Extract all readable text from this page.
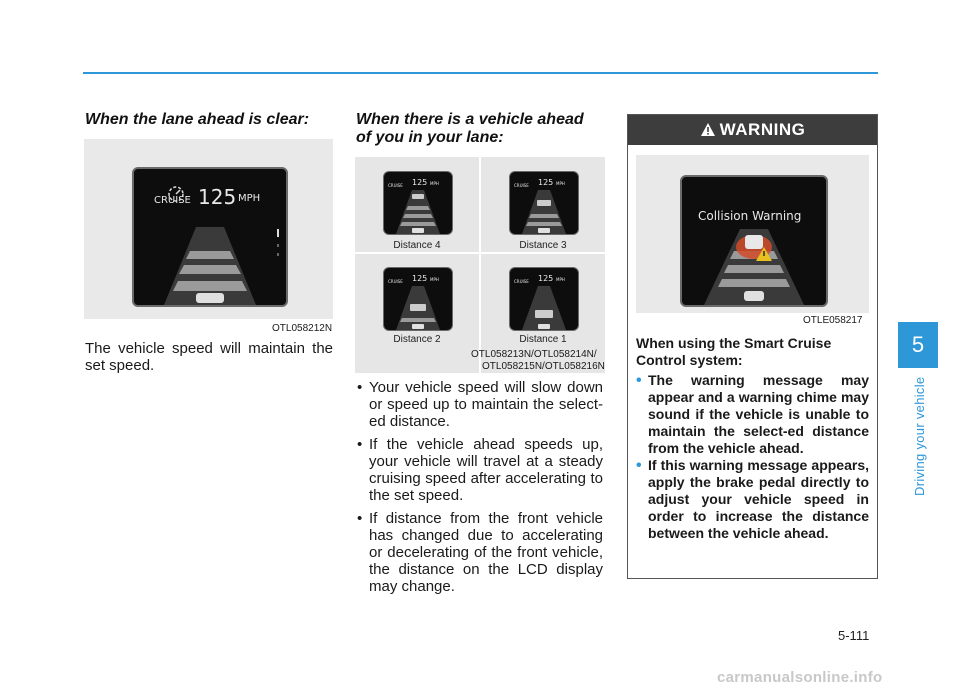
When the lane ahead is clear:
CRUISE 125 MPH
OTL058212N
The vehicle speed will maintain the set speed.
When there is a vehicle ahead
of you in your lane:
CRUISE 125 MPH
Distance 4
CRUISE 125 MPH
Distance 3
CRUISE 125 MPH
Distance 2
CRUISE 125 MPH
Distance 1
OTL058213N/OTL058214N/
OTL058215N/OTL058216N
• Your vehicle speed will slow down or speed up to maintain the select-ed distance.
• If the vehicle ahead speeds up, your vehicle will travel at a steady cruising speed after accelerating to the set speed.
• If distance from the front vehicle has changed due to accelerating or decelerating of the front vehicle, the distance on the LCD display may change.
WARNING
Collision Warning
OTLE058217
When using the Smart Cruise Control system:
• The warning message may appear and a warning chime may sound if the vehicle is unable to maintain the select-ed distance from the vehicle ahead.
• If this warning message appears, apply the brake pedal directly to adjust your vehicle speed in order to increase the distance between the vehicle ahead.
5
Driving your vehicle
5-111
carmanualsonline.info
